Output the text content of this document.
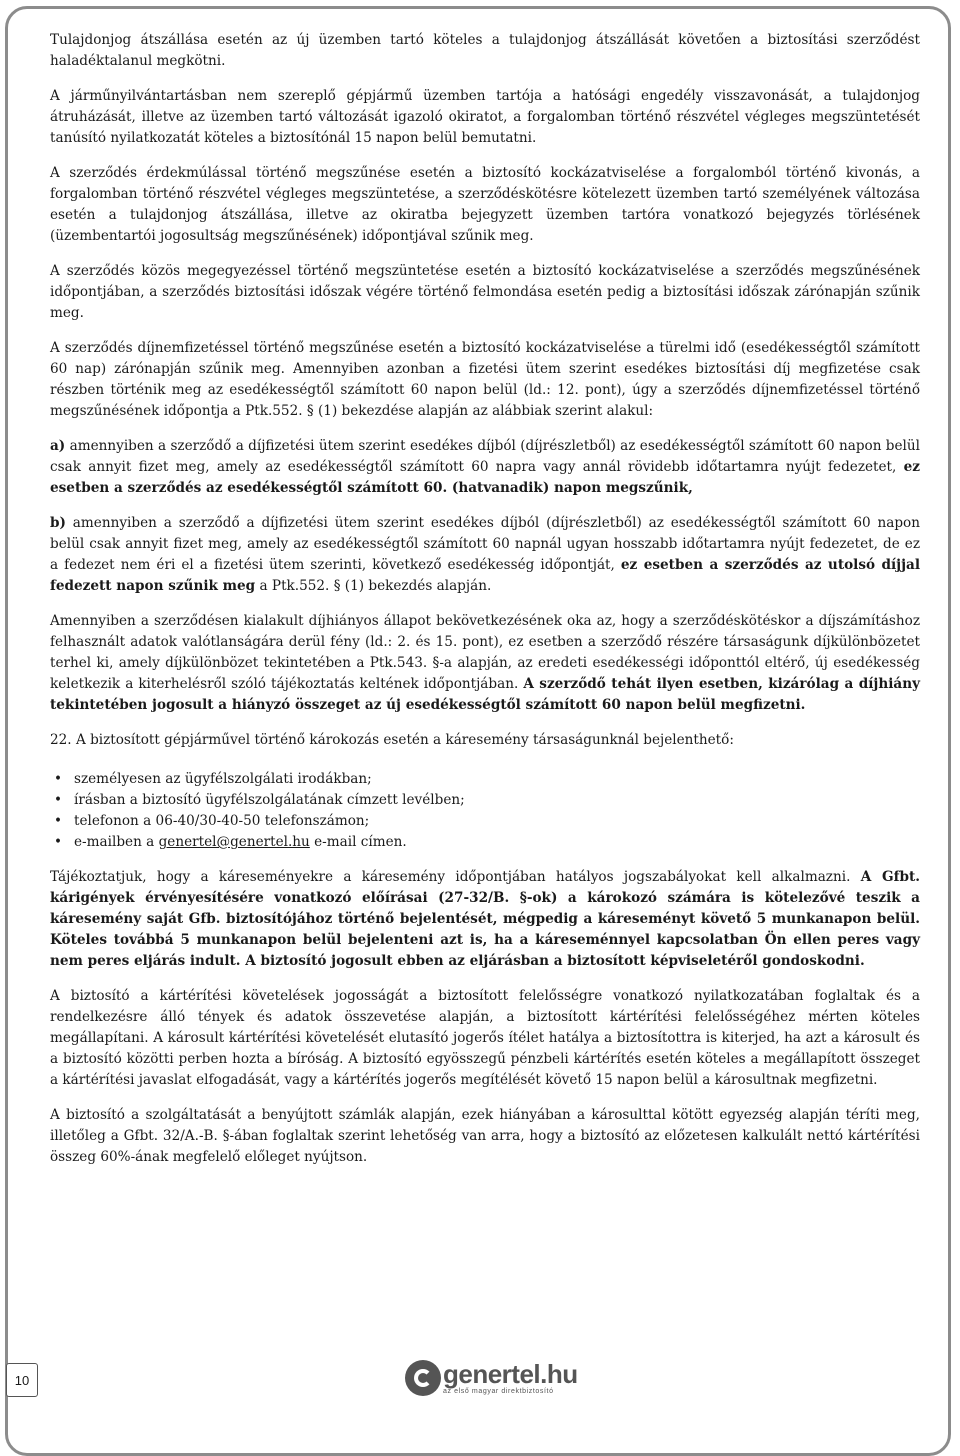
Tulajdonjog átszállása esetén az új üzemben tartó köteles a tulajdonjog átszállását követően a biztosítási szerződést haladéktalanul megkötni.

A járműnyilvántartásban nem szereplő gépjármű üzemben tartója a hatósági engedély visszavonását, a tulajdonjog átruházását, illetve az üzemben tartó változását igazoló okiratot, a forgalomban történő részvétel végleges megszüntetését tanúsító nyilatkozatát köteles a biztosítónál 15 napon belül bemutatni.

A szerződés érdekmúlással történő megszűnése esetén a biztosító kockázatviselése a forgalomból történő kivonás, a forgalomban történő részvétel végleges megszüntetése, a szerződéskötésre kötelezett üzemben tartó személyének változása esetén a tulajdonjog átszállása, illetve az okiratba bejegyzett üzemben tartóra vonatkozó bejegyzés törlésének (üzembentartói jogosultság megszűnésének) időpontjával szűnik meg.

A szerződés közös megegyezéssel történő megszüntetése esetén a biztosító kockázatviselése a szerződés megszűnésének időpontjában, a szerződés biztosítási időszak végére történő felmondása esetén pedig a biztosítási időszak zárónapján szűnik meg.

A szerződés díjnemfizetéssel történő megszűnése esetén a biztosító kockázatviselése a türelmi idő (esedékességtől számított 60 nap) zárónapján szűnik meg. Amennyiben azonban a fizetési ütem szerint esedékes biztosítási díj megfizetése csak részben történik meg az esedékességtől számított 60 napon belül (ld.: 12. pont), úgy a szerződés díjnemfizetéssel történő megszűnésének időpontja a Ptk.552. § (1) bekezdése alapján az alábbiak szerint alakul:

a) amennyiben a szerződő a díjfizetési ütem szerint esedékes díjból (díjrészletből) az esedékességtől számított 60 napon belül csak annyit fizet meg, amely az esedékességtől számított 60 napra vagy annál rövidebb időtartamra nyújt fedezetet, ez esetben a szerződés az esedékességtől számított 60. (hatvanadik) napon megszűnik,

b) amennyiben a szerződő a díjfizetési ütem szerint esedékes díjból (díjrészletből) az esedékességtől számított 60 napon belül csak annyit fizet meg, amely az esedékességtől számított 60 napnál ugyan hosszabb időtartamra nyújt fedezetet, de ez a fedezet nem éri el a fizetési ütem szerinti, következő esedékesség időpontját, ez esetben a szerződés az utolsó díjjal fedezett napon szűnik meg a Ptk.552. § (1) bekezdés alapján.

Amennyiben a szerződésen kialakult díjhiányos állapot bekövetkezésének oka az, hogy a szerződéskötéskor a díjszámításhoz felhasznált adatok valótlanságára derül fény (ld.: 2. és 15. pont), ez esetben a szerződő részére társaságunk díjkülönbözetet terhel ki, amely díjkülönbözet tekintetében a Ptk.543. §-a alapján, az eredeti esedékességi időponttól eltérő, új esedékesség keletkezik a kiterhelésről szóló tájékoztatás keltének időpontjában. A szerződő tehát ilyen esetben, kizárólag a díjhiány tekintetében jogosult a hiányzó összeget az új esedékességtől számított 60 napon belül megfizetni.

22. A biztosított gépjárművel történő károkozás esetén a káresemény társaságunknál bejelenthető:

• személyesen az ügyfélszolgálati irodákban;
• írásban a biztosító ügyfélszolgálatának címzett levélben;
• telefonon a 06-40/30-40-50 telefonszámon;
• e-mailben a genertel@genertel.hu e-mail címen.

Tájékoztatjuk, hogy a káreseményekre a káresemény időpontjában hatályos jogszabályokat kell alkalmazni. A Gfbt. kárigények érvényesítésére vonatkozó előírásai (27-32/B. §-ok) a károkozó számára is kötelezővé teszik a káresemény saját Gfb. biztosítójához történő bejelentését, mégpedig a káreseményt követő 5 munkanapon belül. Köteles továbbá 5 munkanapon belül bejelenteni azt is, ha a káreseménnyel kapcsolatban Ön ellen peres vagy nem peres eljárás indult. A biztosító jogosult ebben az eljárásban a biztosított képviseletéről gondoskodni.

A biztosító a kártérítési követelések jogosságát a biztosított felelősségre vonatkozó nyilatkozatában foglaltak és a rendelkezésre álló tények és adatok összevetése alapján, a biztosított kártérítési felelősségéhez mérten köteles megállapítani. A károsult kártérítési követelését elutasító jogerős ítélet hatálya a biztosítottra is kiterjed, ha azt a károsult és a biztosító közötti perben hozta a bíróság. A biztosító egyösszegű pénzbeli kártérítés esetén köteles a megállapított összeget a kártérítési javaslat elfogadását, vagy a kártérítés jogerős megítélését követő 15 napon belül a károsultnak megfizetni.

A biztosító a szolgáltatását a benyújtott számlák alapján, ezek hiányában a károsulttal kötött egyezség alapján téríti meg, illetőleg a Gfbt. 32/A.-B. §-ában foglaltak szerint lehetőség van arra, hogy a biztosító az előzetesen kalkulált nettó kártérítési összeg 60%-ának megfelelő előleget nyújtson.

10	genertel.hu
az első magyar direktbiztosító
